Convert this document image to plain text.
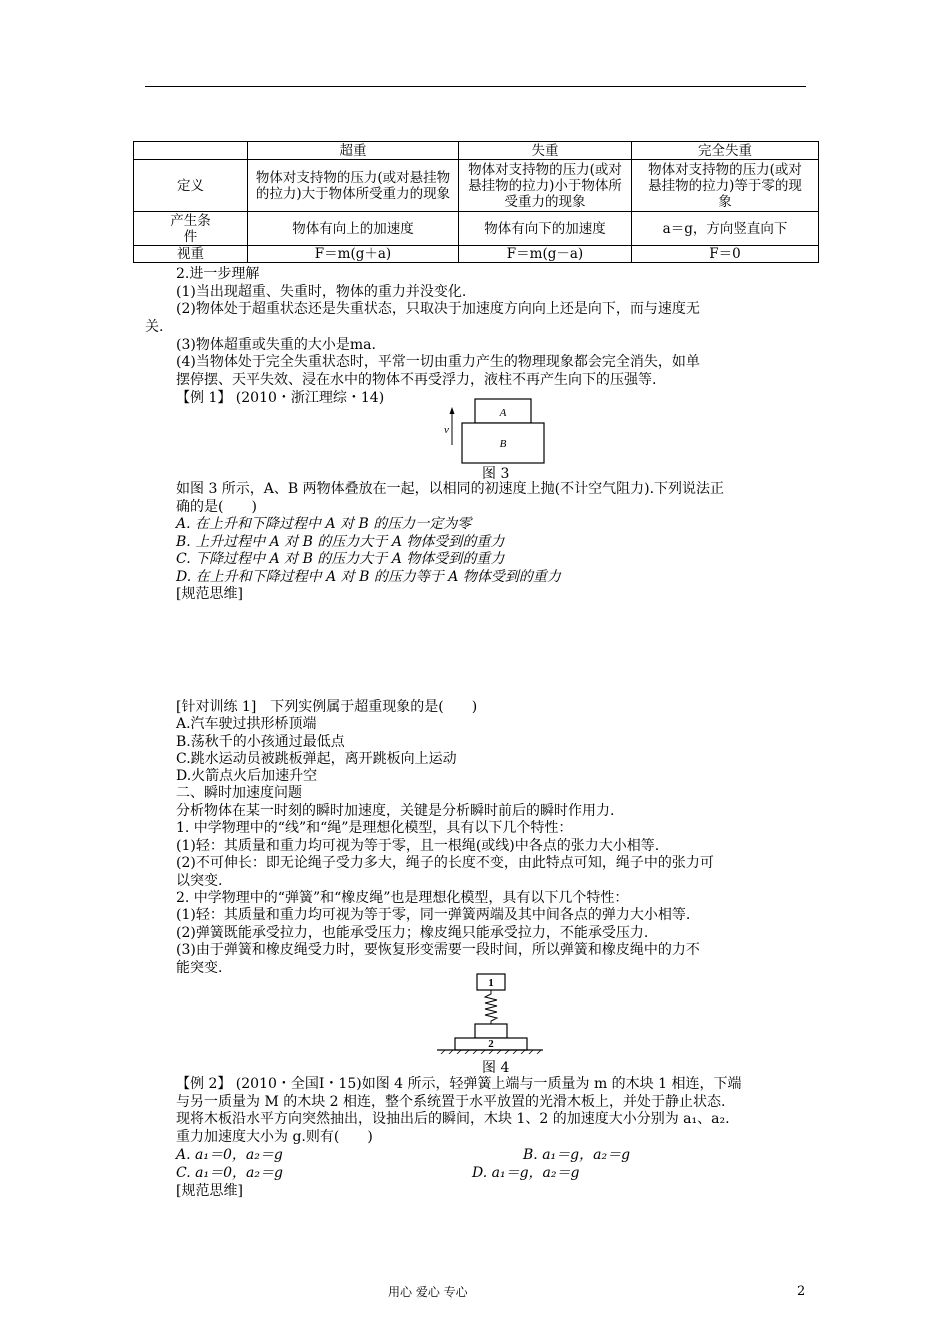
	超重	失重	完全失重
定义	物体对支持物的压力(或对悬挂物的拉力)大于物体所受重力的现象	物体对支持物的压力(或对悬挂物的拉力)小于物体所受重力的现象	物体对支持物的压力(或对悬挂物的拉力)等于零的现象
产生条件	物体有向上的加速度	物体有向下的加速度	a＝g，方向竖直向下
视重	F＝m(g＋a)	F＝m(g－a)	F＝0
2.进一步理解
(1)当出现超重、失重时，物体的重力并没变化.
(2)物体处于超重状态还是失重状态，只取决于加速度方向向上还是向下，而与速度无
关.
(3)物体超重或失重的大小是ma.
(4)当物体处于完全失重状态时，平常一切由重力产生的物理现象都会完全消失，如单
摆停摆、天平失效、浸在水中的物体不再受浮力，液柱不再产生向下的压强等.
【例 1】 (2010・浙江理综・14)
A
B
v
图 3
如图 3 所示，A、B 两物体叠放在一起，以相同的初速度上抛(不计空气阻力).下列说法正
确的是(　　)
A. 在上升和下降过程中 A 对 B 的压力一定为零
B. 上升过程中 A 对 B 的压力大于 A 物体受到的重力
C. 下降过程中 A 对 B 的压力大于 A 物体受到的重力
D. 在上升和下降过程中 A 对 B 的压力等于 A 物体受到的重力
[规范思维]
[针对训练 1]　下列实例属于超重现象的是(　　)
A.汽车驶过拱形桥顶端
B.荡秋千的小孩通过最低点
C.跳水运动员被跳板弹起，离开跳板向上运动
D.火箭点火后加速升空
二、瞬时加速度问题
分析物体在某一时刻的瞬时加速度，关键是分析瞬时前后的瞬时作用力.
1. 中学物理中的“线”和“绳”是理想化模型，具有以下几个特性：
(1)轻：其质量和重力均可视为等于零，且一根绳(或线)中各点的张力大小相等.
(2)不可伸长：即无论绳子受力多大，绳子的长度不变，由此特点可知，绳子中的张力可
以突变.
2. 中学物理中的“弹簧”和“橡皮绳”也是理想化模型，具有以下几个特性：
(1)轻：其质量和重力均可视为等于零，同一弹簧两端及其中间各点的弹力大小相等.
(2)弹簧既能承受拉力，也能承受压力；橡皮绳只能承受拉力，不能承受压力.
(3)由于弹簧和橡皮绳受力时，要恢复形变需要一段时间，所以弹簧和橡皮绳中的力不
能突变.
1
2
图 4
【例 2】 (2010・全国Ⅰ・15)如图 4 所示，轻弹簧上端与一质量为 m 的木块 1 相连，下端
与另一质量为 M 的木块 2 相连，整个系统置于水平放置的光滑木板上，并处于静止状态.
现将木板沿水平方向突然抽出，设抽出后的瞬间，木块 1、2 的加速度大小分别为 a₁、a₂.
重力加速度大小为 g.则有(　　)
A. a₁＝0，a₂＝g	B. a₁＝g，a₂＝g
C. a₁＝0，a₂＝g	D. a₁＝g，a₂＝g
[规范思维]
用心 爱心 专心	2
